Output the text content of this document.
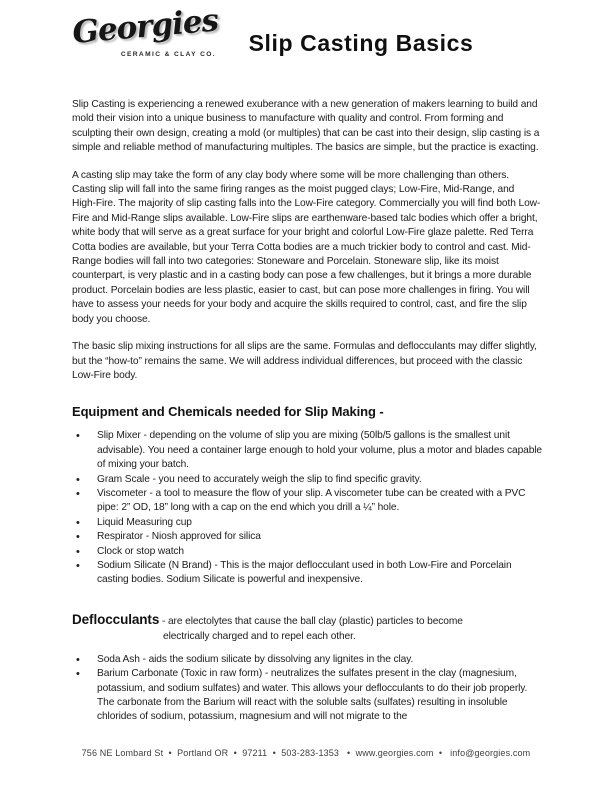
Georgies
CERAMIC & CLAY CO.	Slip Casting Basics

Slip Casting is experiencing a renewed exuberance with a new generation of makers learning to build and mold their vision into a unique business to manufacture with quality and control. From forming and sculpting their own design, creating a mold (or multiples) that can be cast into their design, slip casting is a simple and reliable method of manufacturing multiples. The basics are simple, but the practice is exacting.

A casting slip may take the form of any clay body where some will be more challenging than others. Casting slip will fall into the same firing ranges as the moist pugged clays; Low-Fire, Mid-Range, and     High-Fire. The majority of slip casting falls into the Low-Fire category. Commercially you will find both Low-Fire and Mid-Range slips available. Low-Fire slips are earthenware-based talc bodies which offer a bright, white body that will serve as a great surface for your bright and colorful Low-Fire glaze palette. Red Terra Cotta bodies are available, but your Terra Cotta bodies are a much trickier body to control and cast. Mid-Range bodies will fall into two categories: Stoneware and Porcelain. Stoneware slip, like its moist counterpart, is very plastic and in a casting body can pose a few challenges, but it brings a more durable product. Porcelain bodies are less plastic, easier to cast, but can pose more challenges in firing. You will  have to assess your needs for your body and acquire the skills required to control, cast, and fire the slip body you choose.

The basic slip mixing instructions for all slips are the same. Formulas and deflocculants may differ slightly, but the “how-to” remains the same. We will address individual differences, but proceed with the classic Low-Fire body.

Equipment and Chemicals needed for Slip Making -
• Slip Mixer - depending on the volume of slip you are mixing (50lb/5 gallons is the smallest unit advisable). You need a container large enough to hold your volume, plus a motor and blades capable of mixing your batch.
• Gram Scale - you need to accurately weigh the slip to find specific gravity.
• Viscometer - a tool to measure the flow of your slip. A viscometer tube can be created with a PVC pipe: 2” OD, 18” long with a cap on the end which you drill a ¼” hole.
• Liquid Measuring cup
• Respirator - Niosh approved for silica
• Clock or stop watch
• Sodium Silicate (N Brand) - This is the major deflocculant used in both Low-Fire and Porcelain casting bodies. Sodium Silicate is powerful and inexpensive.
Deflocculants - are electolytes that cause the ball clay (plastic) particles to become
electrically charged and to repel each other.
• Soda Ash - aids the sodium silicate by dissolving any lignites in the clay.
• Barium Carbonate (Toxic in raw form) - neutralizes the sulfates present in the clay (magnesium, potassium, and sodium sulfates) and water. This allows your deflocculants to do their job properly. The carbonate from the Barium will react with the soluble salts (sulfates) resulting in insoluble chlorides of sodium, potassium, magnesium and will not migrate to the
756 NE Lombard St  •  Portland OR  •  97211  •  503-283-1353   •  www.georgies.com  •   info@georgies.com
